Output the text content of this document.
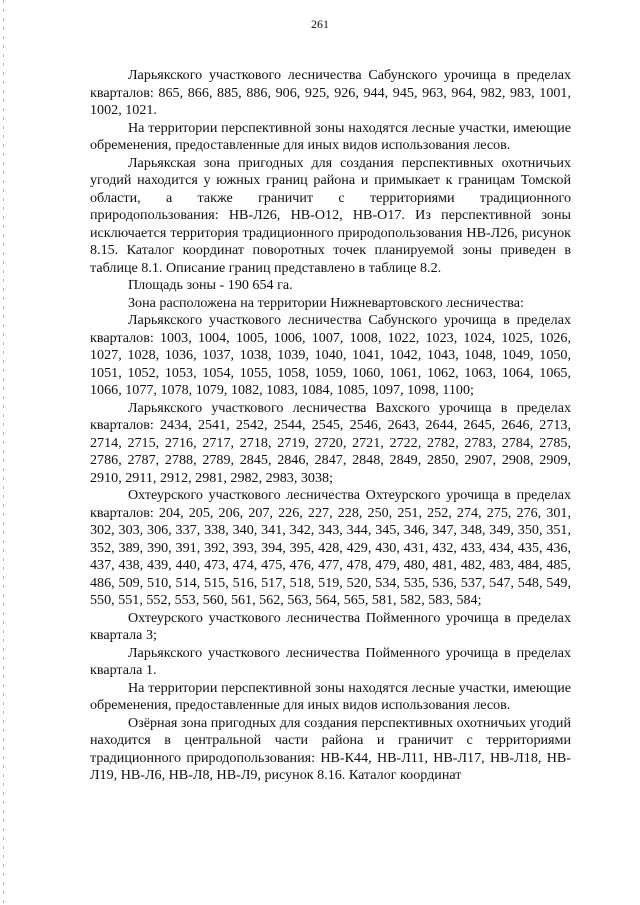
261

Ларьякского участкового лесничества Сабунского урочища в пределах кварталов: 865, 866, 885, 886, 906, 925, 926, 944, 945, 963, 964, 982, 983, 1001, 1002, 1021.

На территории перспективной зоны находятся лесные участки, имеющие обременения, предоставленные для иных видов использования лесов.

Ларьякская зона пригодных для создания перспективных охотничьих угодий находится у южных границ района и примыкает к границам Томской области, а также граничит с территориями традиционного природопользования: НВ-Л26, НВ-О12, НВ-О17. Из перспективной зоны исключается территория традиционного природопользования НВ-Л26, рисунок 8.15. Каталог координат поворотных точек планируемой зоны приведен в таблице 8.1. Описание границ представлено в таблице 8.2.

Площадь зоны - 190 654 га.

Зона расположена на территории Нижневартовского лесничества:

Ларьякского участкового лесничества Сабунского урочища в пределах кварталов: 1003, 1004, 1005, 1006, 1007, 1008, 1022, 1023, 1024, 1025, 1026, 1027, 1028, 1036, 1037, 1038, 1039, 1040, 1041, 1042, 1043, 1048, 1049, 1050, 1051, 1052, 1053, 1054, 1055, 1058, 1059, 1060, 1061, 1062, 1063, 1064, 1065, 1066, 1077, 1078, 1079, 1082, 1083, 1084, 1085, 1097, 1098, 1100;

Ларьякского участкового лесничества Вахского урочища в пределах кварталов: 2434, 2541, 2542, 2544, 2545, 2546, 2643, 2644, 2645, 2646, 2713, 2714, 2715, 2716, 2717, 2718, 2719, 2720, 2721, 2722, 2782, 2783, 2784, 2785, 2786, 2787, 2788, 2789, 2845, 2846, 2847, 2848, 2849, 2850, 2907, 2908, 2909, 2910, 2911, 2912, 2981, 2982, 2983, 3038;

Охтеурского участкового лесничества Охтеурского урочища в пределах кварталов: 204, 205, 206, 207, 226, 227, 228, 250, 251, 252, 274, 275, 276, 301, 302, 303, 306, 337, 338, 340, 341, 342, 343, 344, 345, 346, 347, 348, 349, 350, 351, 352, 389, 390, 391, 392, 393, 394, 395, 428, 429, 430, 431, 432, 433, 434, 435, 436, 437, 438, 439, 440, 473, 474, 475, 476, 477, 478, 479, 480, 481, 482, 483, 484, 485, 486, 509, 510, 514, 515, 516, 517, 518, 519, 520, 534, 535, 536, 537, 547, 548, 549, 550, 551, 552, 553, 560, 561, 562, 563, 564, 565, 581, 582, 583, 584;

Охтеурского участкового лесничества Пойменного урочища в пределах квартала 3;

Ларьякского участкового лесничества Пойменного урочища в пределах квартала 1.

На территории перспективной зоны находятся лесные участки, имеющие обременения, предоставленные для иных видов использования лесов.

Озёрная зона пригодных для создания перспективных охотничьих угодий находится в центральной части района и граничит с территориями традиционного природопользования: НВ-К44, НВ-Л11, НВ-Л17, НВ-Л18, НВ-Л19, НВ-Л6, НВ-Л8, НВ-Л9, рисунок 8.16. Каталог координат
